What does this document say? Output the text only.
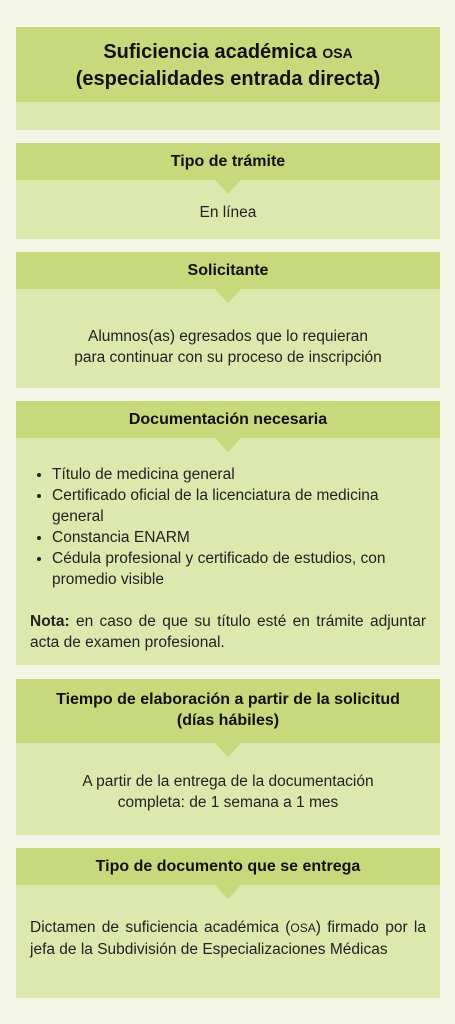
Suficiencia académica OSA
(especialidades entrada directa)
Tipo de trámite
En línea
Solicitante
Alumnos(as) egresados que lo requieran
para continuar con su proceso de inscripción
Documentación necesaria
• Título de medicina general
• Certificado oficial de la licenciatura de medicina general
• Constancia ENARM
• Cédula profesional y certificado de estudios, con promedio visible
Nota: en caso de que su título esté en trámite adjuntar acta de examen profesional.
Tiempo de elaboración a partir de la solicitud
(días hábiles)
A partir de la entrega de la documentación
completa: de 1 semana a 1 mes
Tipo de documento que se entrega
Dictamen de suficiencia académica (OSA) firmado por la jefa de la Subdivisión de Especializaciones Médicas
